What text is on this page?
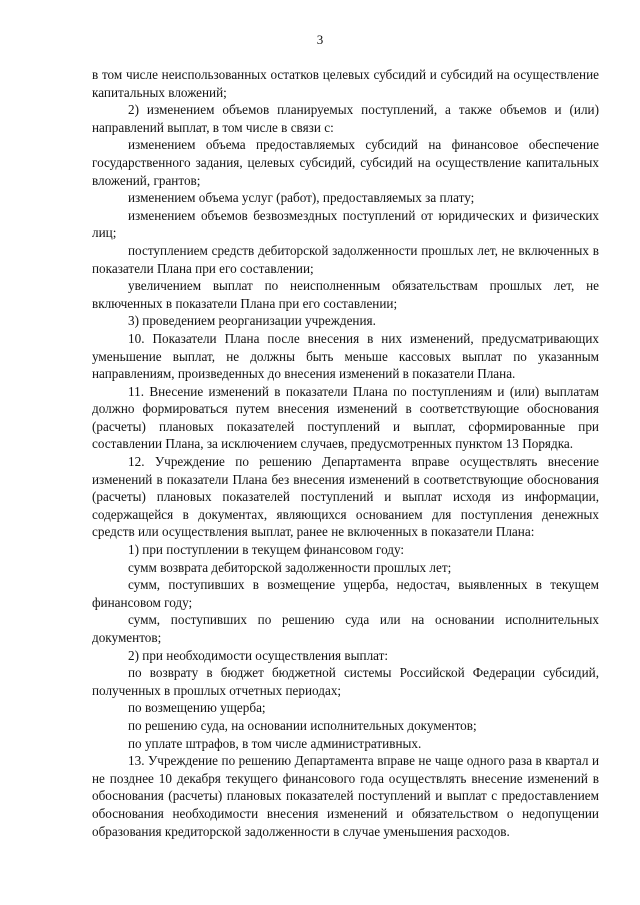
3

в том числе неиспользованных остатков целевых субсидий и субсидий на осуществление капитальных вложений;

2) изменением объемов планируемых поступлений, а также объемов и (или) направлений выплат, в том числе в связи с:

изменением объема предоставляемых субсидий на финансовое обеспечение государственного задания, целевых субсидий, субсидий на осуществление капитальных вложений, грантов;

изменением объема услуг (работ), предоставляемых за плату;

изменением объемов безвозмездных поступлений от юридических и физических лиц;

поступлением средств дебиторской задолженности прошлых лет, не включенных в показатели Плана при его составлении;

увеличением выплат по неисполненным обязательствам прошлых лет, не включенных в показатели Плана при его составлении;

3) проведением реорганизации учреждения.

10. Показатели Плана после внесения в них изменений, предусматривающих уменьшение выплат, не должны быть меньше кассовых выплат по указанным направлениям, произведенных до внесения изменений в показатели Плана.

11. Внесение изменений в показатели Плана по поступлениям и (или) выплатам должно формироваться путем внесения изменений в соответствующие обоснования (расчеты) плановых показателей поступлений и выплат, сформированные при составлении Плана, за исключением случаев, предусмотренных пунктом 13 Порядка.

12. Учреждение по решению Департамента вправе осуществлять внесение изменений в показатели Плана без внесения изменений в соответствующие обоснования (расчеты) плановых показателей поступлений и выплат исходя из информации, содержащейся в документах, являющихся основанием для поступления денежных средств или осуществления выплат, ранее не включенных в показатели Плана:

1) при поступлении в текущем финансовом году:

сумм возврата дебиторской задолженности прошлых лет;

сумм, поступивших в возмещение ущерба, недостач, выявленных в текущем финансовом году;

сумм, поступивших по решению суда или на основании исполнительных документов;

2) при необходимости осуществления выплат:

по возврату в бюджет бюджетной системы Российской Федерации субсидий, полученных в прошлых отчетных периодах;

по возмещению ущерба;

по решению суда, на основании исполнительных документов;

по уплате штрафов, в том числе административных.

13. Учреждение по решению Департамента вправе не чаще одного раза в квартал и не позднее 10 декабря текущего финансового года осуществлять внесение изменений в обоснования (расчеты) плановых показателей поступлений и выплат с предоставлением обоснования необходимости внесения изменений и обязательством о недопущении образования кредиторской задолженности в случае уменьшения расходов.
